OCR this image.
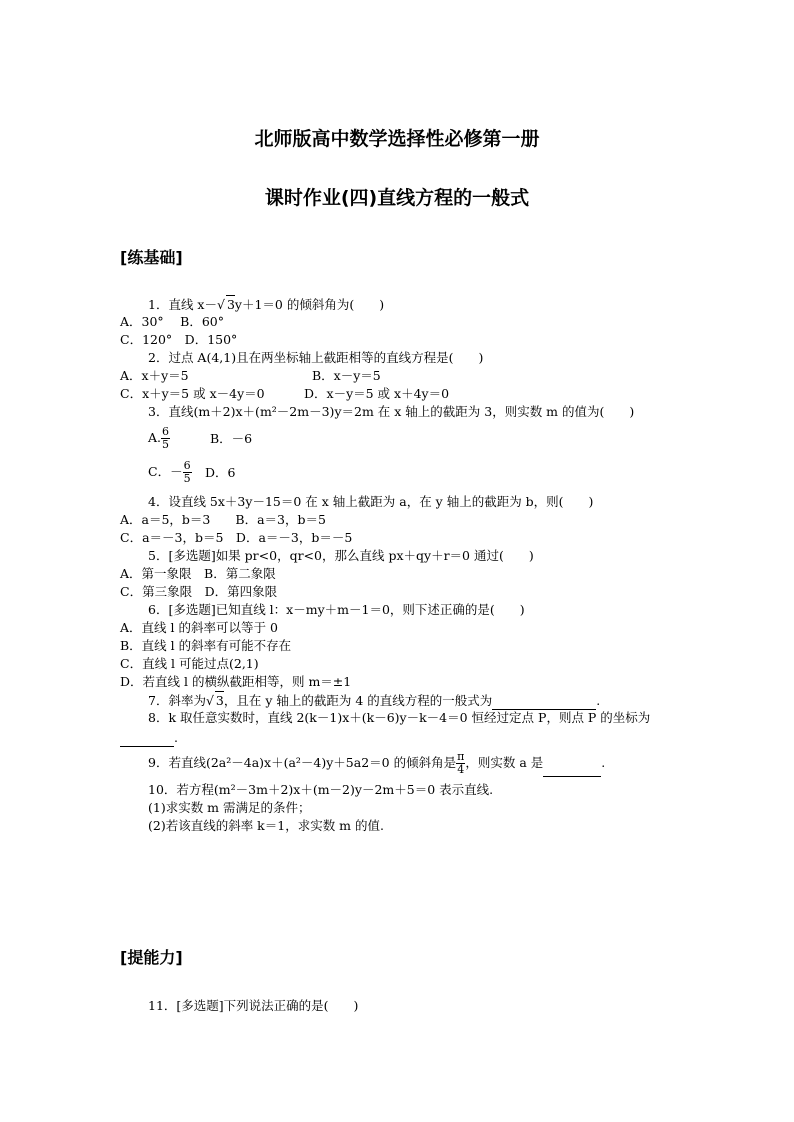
北师版高中数学选择性必修第一册
课时作业(四)直线方程的一般式
[练基础]
1．直线 x－√ 3y＋1＝0 的倾斜角为(　　)
A．30°　 B．60°
C．120°　D．150°
2．过点 A(4,1)且在两坐标轴上截距相等的直线方程是(　　)
A．x＋y＝5	B．x－y＝5
C．x＋y＝5 或 x－4y＝0	D．x－y＝5 或 x＋4y＝0
3．直线(m＋2)x＋(m²－2m－3)y＝2m 在 x 轴上的截距为 3，则实数 m 的值为(　　)
A. $\frac{6}{5}$	B．－6
C．－ $\frac{6}{5}$ D．6
4．设直线 5x＋3y－15＝0 在 x 轴上截距为 a，在 y 轴上的截距为 b，则(　　)
A．a＝5，b＝3　　B．a＝3，b＝5
C．a＝－3，b＝5　D．a＝－3，b＝－5
5．[多选题]如果 pr<0，qr<0，那么直线 px＋qy＋r＝0 通过(　　)
A．第一象限　B．第二象限
C．第三象限　D．第四象限
6．[多选题]已知直线 l：x－my＋m－1＝0，则下述正确的是(　　)
A．直线 l 的斜率可以等于 0
B．直线 l 的斜率有可能不存在
C．直线 l 可能过点(2,1)
D．若直线 l 的横纵截距相等，则 m＝±1
7．斜率为√ 3，且在 y 轴上的截距为 4 的直线方程的一般式为	.
8．k 取任意实数时，直线 2(k－1)x＋(k－6)y－k－4＝0 恒经过定点 P，则点 P 的坐标为
.
9．若直线(2a²－4a)x＋(a²－4)y＋5a2＝0 的倾斜角是 $\frac{\pi}{4}$ ，则实数 a 是	.
10．若方程(m²－3m＋2)x＋(m－2)y－2m＋5＝0 表示直线.
(1)求实数 m 需满足的条件；
(2)若该直线的斜率 k＝1，求实数 m 的值.
[提能力]
11．[多选题]下列说法正确的是(　　)
